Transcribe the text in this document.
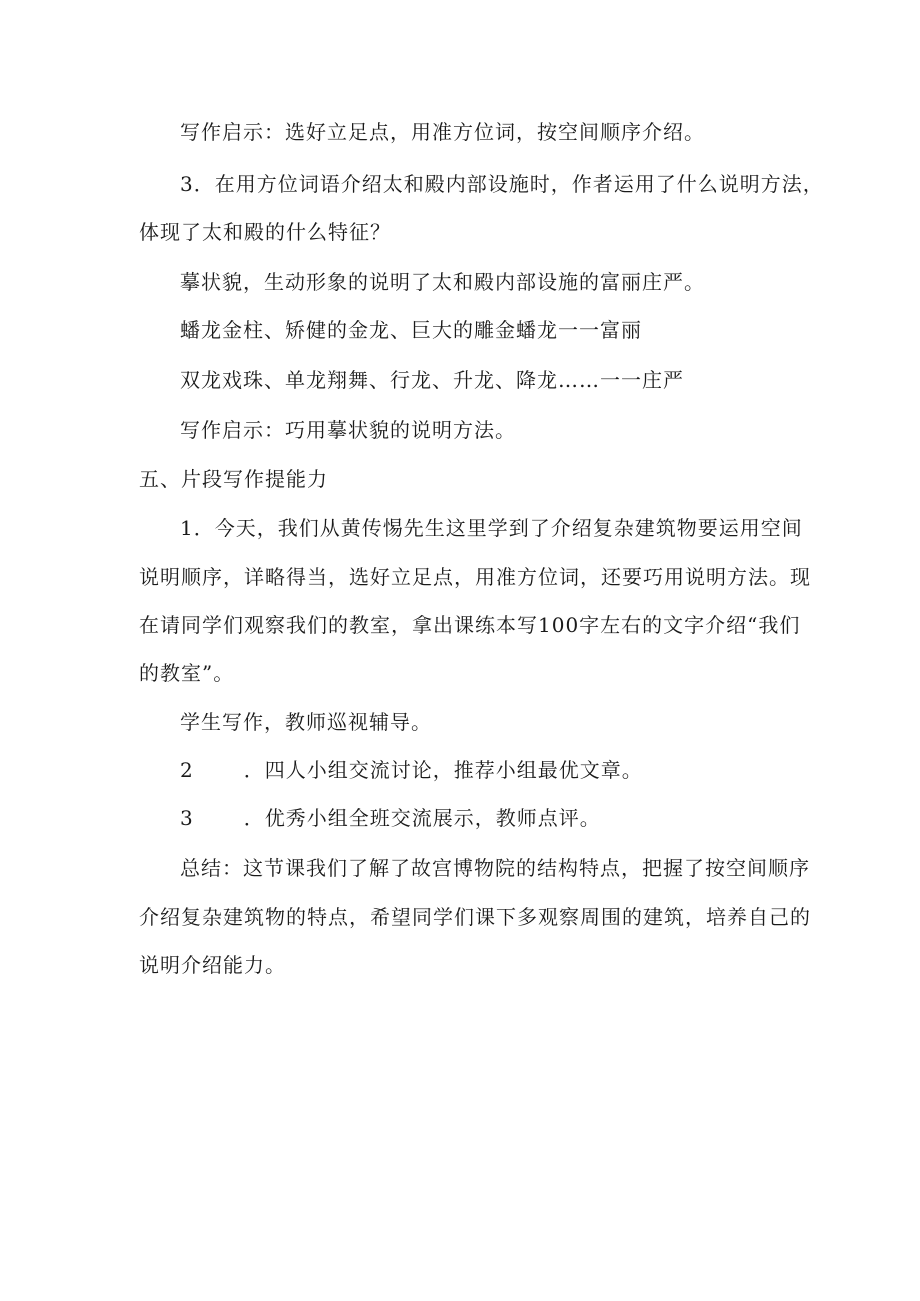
写作启示：选好立足点，用准方位词，按空间顺序介绍。
3．在用方位词语介绍太和殿内部设施时，作者运用了什么说明方法，
体现了太和殿的什么特征？
摹状貌，生动形象的说明了太和殿内部设施的富丽庄严。
蟠龙金柱、矫健的金龙、巨大的雕金蟠龙一一富丽
双龙戏珠、单龙翔舞、行龙、升龙、降龙……一一庄严
写作启示：巧用摹状貌的说明方法。
五、片段写作提能力
1．今天，我们从黄传惕先生这里学到了介绍复杂建筑物要运用空间
说明顺序，详略得当，选好立足点，用准方位词，还要巧用说明方法。现
在请同学们观察我们的教室，拿出课练本写100字左右的文字介绍“我们
的教室”。
学生写作，教师巡视辅导。
2	．四人小组交流讨论，推荐小组最优文章。
3	．优秀小组全班交流展示，教师点评。
总结：这节课我们了解了故宫博物院的结构特点，把握了按空间顺序
介绍复杂建筑物的特点，希望同学们课下多观察周围的建筑，培养自己的
说明介绍能力。
